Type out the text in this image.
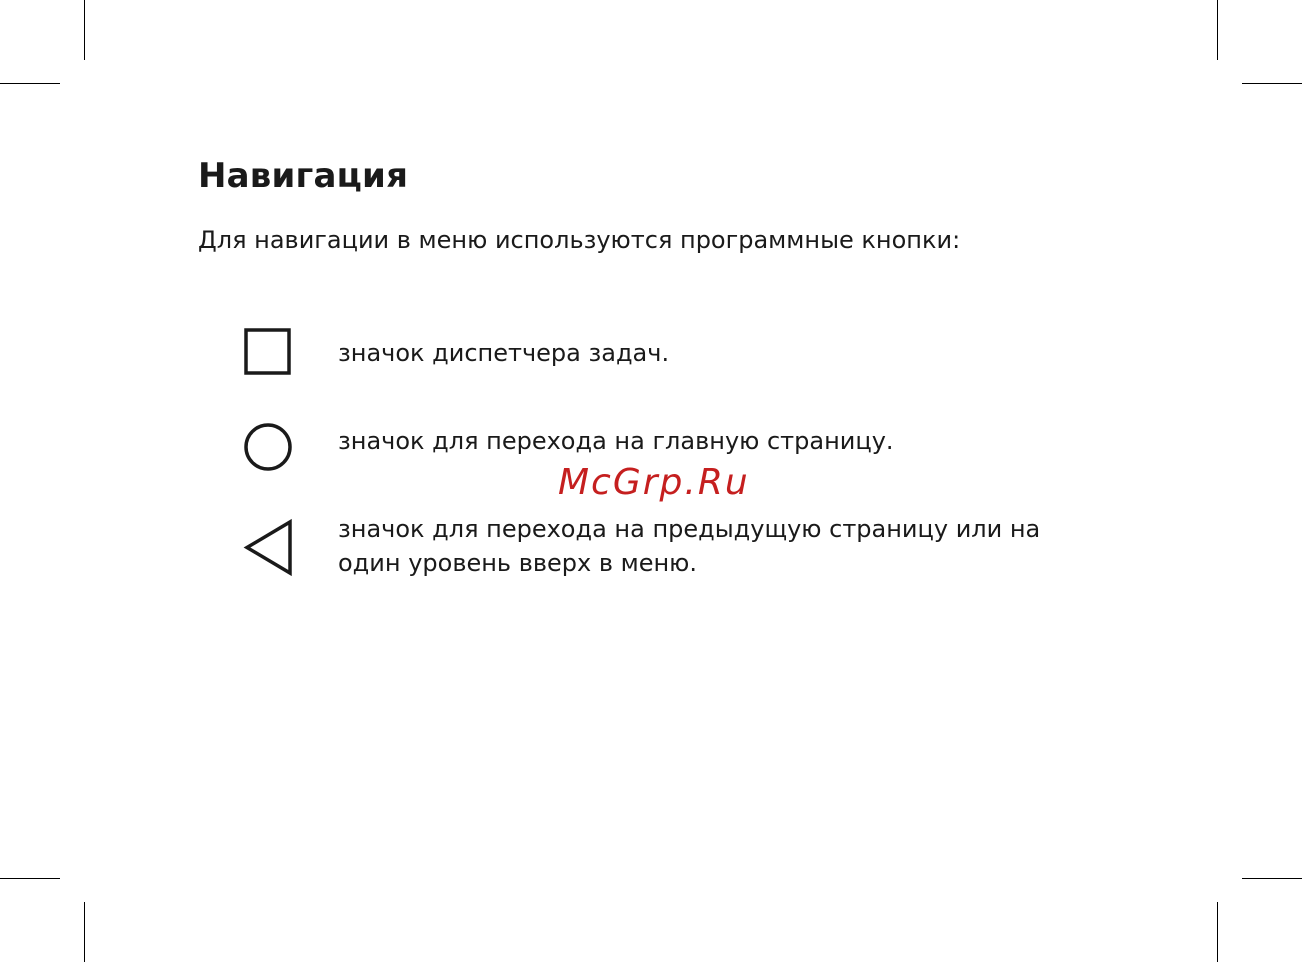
Навигация

Для навигации в меню используются программные кнопки:

значок диспетчера задач.

значок для перехода на главную страницу.

McGrp.Ru

значок для перехода на предыдущую страницу или на

один уровень вверх в меню.
